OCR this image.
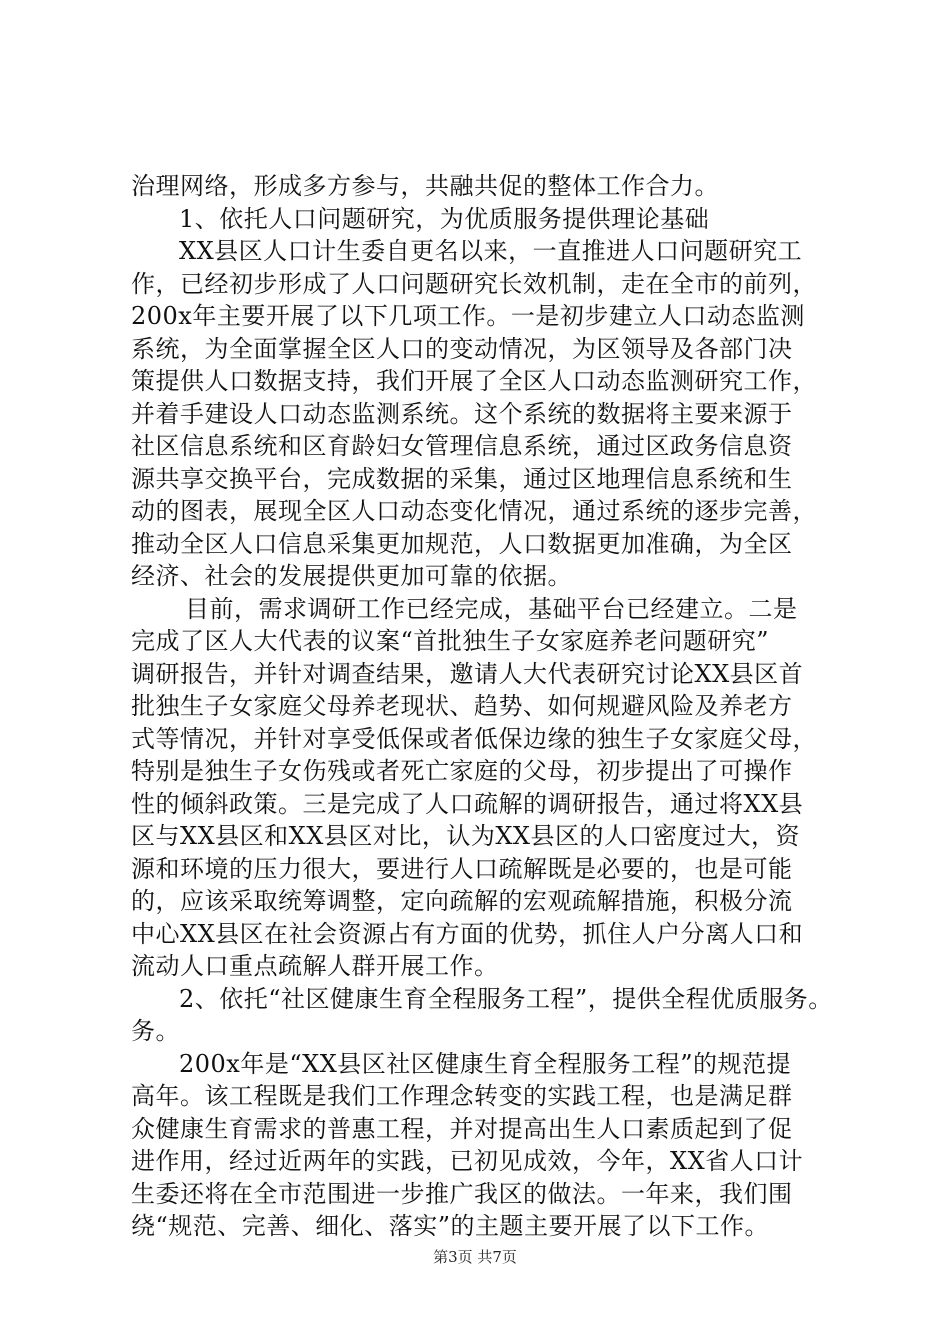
治理网络，形成多方参与，共融共促的整体工作合力。
1、依托人口问题研究，为优质服务提供理论基础
XX县区人口计生委自更名以来，一直推进人口问题研究工
作，已经初步形成了人口问题研究长效机制，走在全市的前列，
200x年主要开展了以下几项工作。一是初步建立人口动态监测
系统，为全面掌握全区人口的变动情况，为区领导及各部门决
策提供人口数据支持，我们开展了全区人口动态监测研究工作，
并着手建设人口动态监测系统。这个系统的数据将主要来源于
社区信息系统和区育龄妇女管理信息系统，通过区政务信息资
源共享交换平台，完成数据的采集，通过区地理信息系统和生
动的图表，展现全区人口动态变化情况，通过系统的逐步完善，
推动全区人口信息采集更加规范，人口数据更加准确，为全区
经济、社会的发展提供更加可靠的依据。
目前，需求调研工作已经完成，基础平台已经建立。二是
完成了区人大代表的议案“首批独生子女家庭养老问题研究”
调研报告，并针对调查结果，邀请人大代表研究讨论XX县区首
批独生子女家庭父母养老现状、趋势、如何规避风险及养老方
式等情况，并针对享受低保或者低保边缘的独生子女家庭父母，
特别是独生子女伤残或者死亡家庭的父母，初步提出了可操作
性的倾斜政策。三是完成了人口疏解的调研报告，通过将XX县
区与XX县区和XX县区对比，认为XX县区的人口密度过大，资
源和环境的压力很大，要进行人口疏解既是必要的，也是可能
的，应该采取统筹调整，定向疏解的宏观疏解措施，积极分流
中心XX县区在社会资源占有方面的优势，抓住人户分离人口和
流动人口重点疏解人群开展工作。
2、依托“社区健康生育全程服务工程”，提供全程优质服务。
务。
200x年是“XX县区社区健康生育全程服务工程”的规范提
高年。该工程既是我们工作理念转变的实践工程，也是满足群
众健康生育需求的普惠工程，并对提高出生人口素质起到了促
进作用，经过近两年的实践，已初见成效，今年，XX省人口计
生委还将在全市范围进一步推广我区的做法。一年来，我们围
绕“规范、完善、细化、落实”的主题主要开展了以下工作。
第3页 共7页
